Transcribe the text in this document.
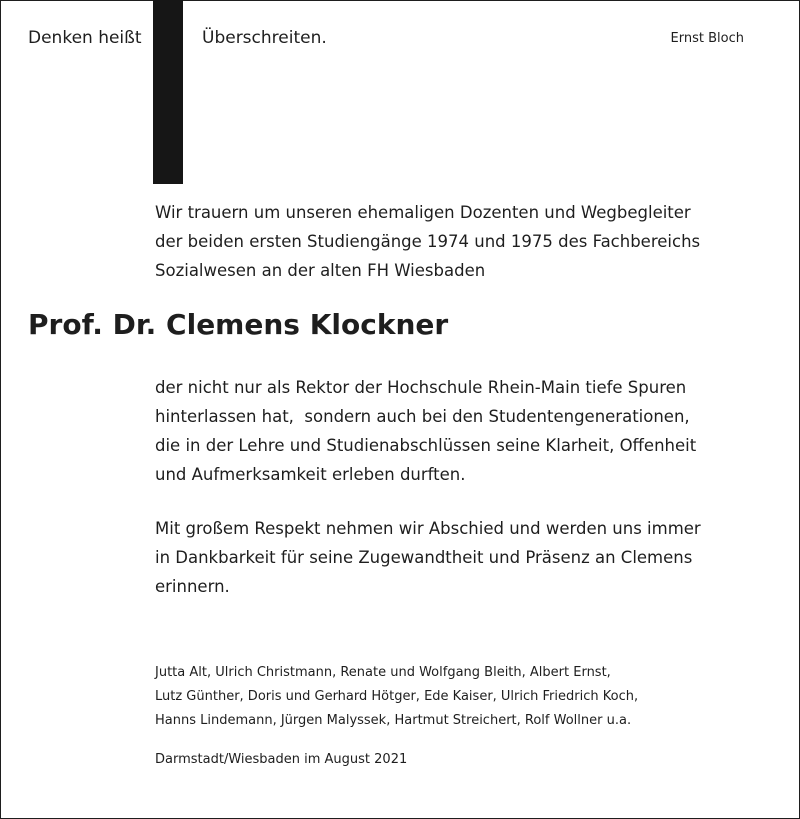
Denken heißt	Überschreiten.	Ernst Bloch
Wir trauern um unseren ehemaligen Dozenten und Wegbegleiter
der beiden ersten Studiengänge 1974 und 1975 des Fachbereichs
Sozialwesen an der alten FH Wiesbaden
Prof. Dr. Clemens Klockner
der nicht nur als Rektor der Hochschule Rhein-Main tiefe Spuren
hinterlassen hat,  sondern auch bei den Studentengenerationen,
die in der Lehre und Studienabschlüssen seine Klarheit, Offenheit
und Aufmerksamkeit erleben durften.
Mit großem Respekt nehmen wir Abschied und werden uns immer
in Dankbarkeit für seine Zugewandtheit und Präsenz an Clemens
erinnern.
Jutta Alt, Ulrich Christmann, Renate und Wolfgang Bleith, Albert Ernst,
Lutz Günther, Doris und Gerhard Hötger, Ede Kaiser, Ulrich Friedrich Koch,
Hanns Lindemann, Jürgen Malyssek, Hartmut Streichert, Rolf Wollner u.a.
Darmstadt/Wiesbaden im August 2021
